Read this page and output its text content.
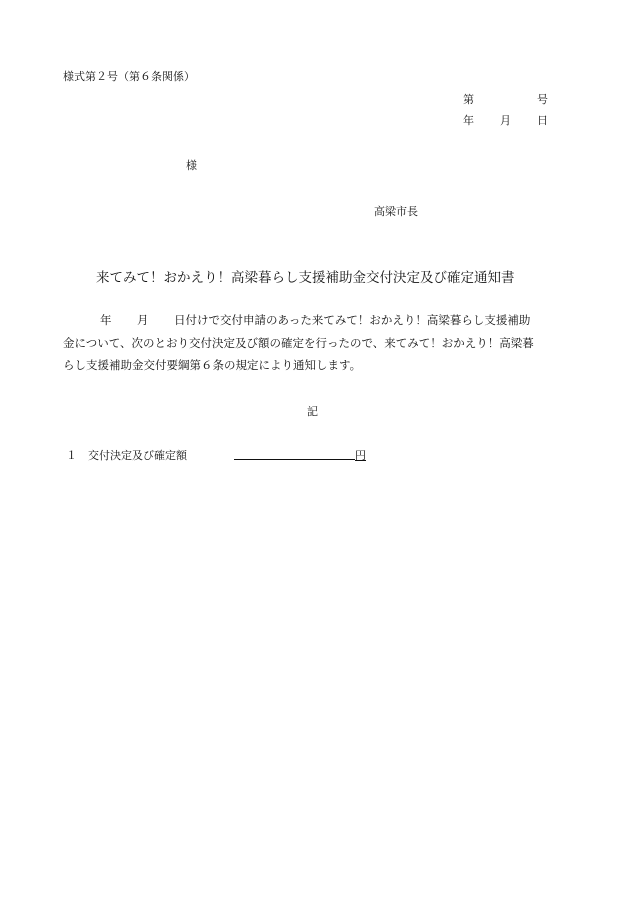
様式第２号（第６条関係）
第	号
年 月 日
様
高梁市長
来てみて！おかえり！高梁暮らし支援補助金交付決定及び確定通知書
年 月 日付けで交付申請のあった来てみて！おかえり！高梁暮らし支援補助
金について、次のとおり交付決定及び額の確定を行ったので、来てみて！おかえり！高梁暮
らし支援補助金交付要綱第６条の規定により通知します。
記
１ 交付決定及び確定額	円
